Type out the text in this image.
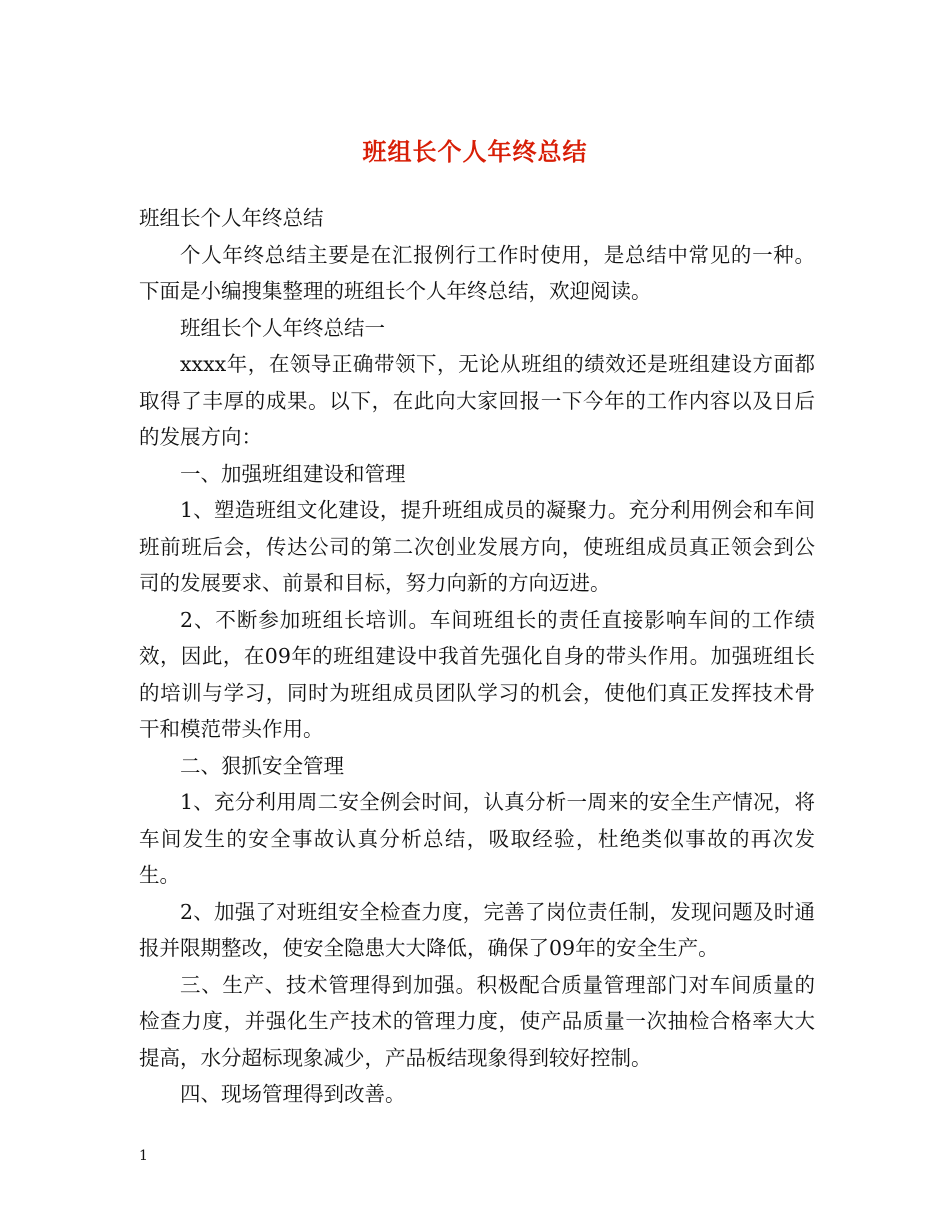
班组长个人年终总结

班组长个人年终总结

个人年终总结主要是在汇报例行工作时使用，是总结中常见的一种。下面是小编搜集整理的班组长个人年终总结，欢迎阅读。

班组长个人年终总结一

xxxx年，在领导正确带领下，无论从班组的绩效还是班组建设方面都取得了丰厚的成果。以下，在此向大家回报一下今年的工作内容以及日后的发展方向：

一、加强班组建设和管理

1、塑造班组文化建设，提升班组成员的凝聚力。充分利用例会和车间班前班后会，传达公司的第二次创业发展方向，使班组成员真正领会到公司的发展要求、前景和目标，努力向新的方向迈进。

2、不断参加班组长培训。车间班组长的责任直接影响车间的工作绩效，因此，在09年的班组建设中我首先强化自身的带头作用。加强班组长的培训与学习，同时为班组成员团队学习的机会，使他们真正发挥技术骨干和模范带头作用。

二、狠抓安全管理

1、充分利用周二安全例会时间，认真分析一周来的安全生产情况，将车间发生的安全事故认真分析总结，吸取经验，杜绝类似事故的再次发生。

2、加强了对班组安全检查力度，完善了岗位责任制，发现问题及时通报并限期整改，使安全隐患大大降低，确保了09年的安全生产。

三、生产、技术管理得到加强。积极配合质量管理部门对车间质量的检查力度，并强化生产技术的管理力度，使产品质量一次抽检合格率大大提高，水分超标现象减少，产品板结现象得到较好控制。

四、现场管理得到改善。

1
